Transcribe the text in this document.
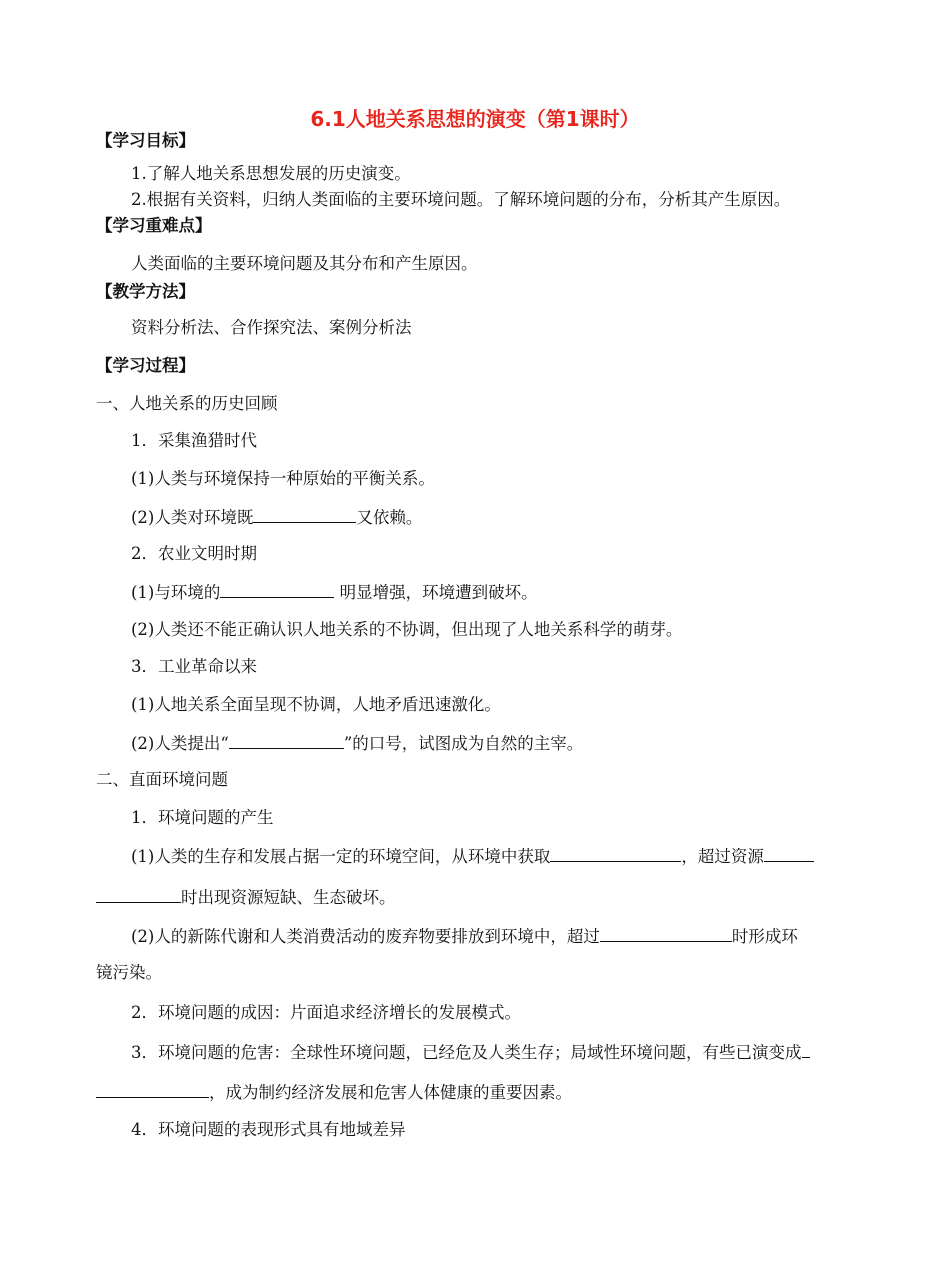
6.1人地关系思想的演变（第1课时）
【学习目标】
1.了解人地关系思想发展的历史演变。
2.根据有关资料，归纳人类面临的主要环境问题。了解环境问题的分布，分析其产生原因。
【学习重难点】
人类面临的主要环境问题及其分布和产生原因。
【教学方法】
资料分析法、合作探究法、案例分析法
【学习过程】
一、人地关系的历史回顾
1．采集渔猎时代
(1)人类与环境保持一种原始的平衡关系。
(2)人类对环境既	又依赖。
2．农业文明时期
(1)与环境的	明显增强，环境遭到破坏。
(2)人类还不能正确认识人地关系的不协调，但出现了人地关系科学的萌芽。
3．工业革命以来
(1)人地关系全面呈现不协调，人地矛盾迅速激化。
(2)人类提出“	”的口号，试图成为自然的主宰。
二、直面环境问题
1．环境问题的产生
(1)人类的生存和发展占据一定的环境空间，从环境中获取	，超过资源
时出现资源短缺、生态破坏。
(2)人的新陈代谢和人类消费活动的废弃物要排放到环境中，超过	时形成环
镜污染。
2．环境问题的成因：片面追求经济增长的发展模式。
3．环境问题的危害：全球性环境问题，已经危及人类生存；局域性环境问题，有些已演变成
，成为制约经济发展和危害人体健康的重要因素。
4．环境问题的表现形式具有地域差异
